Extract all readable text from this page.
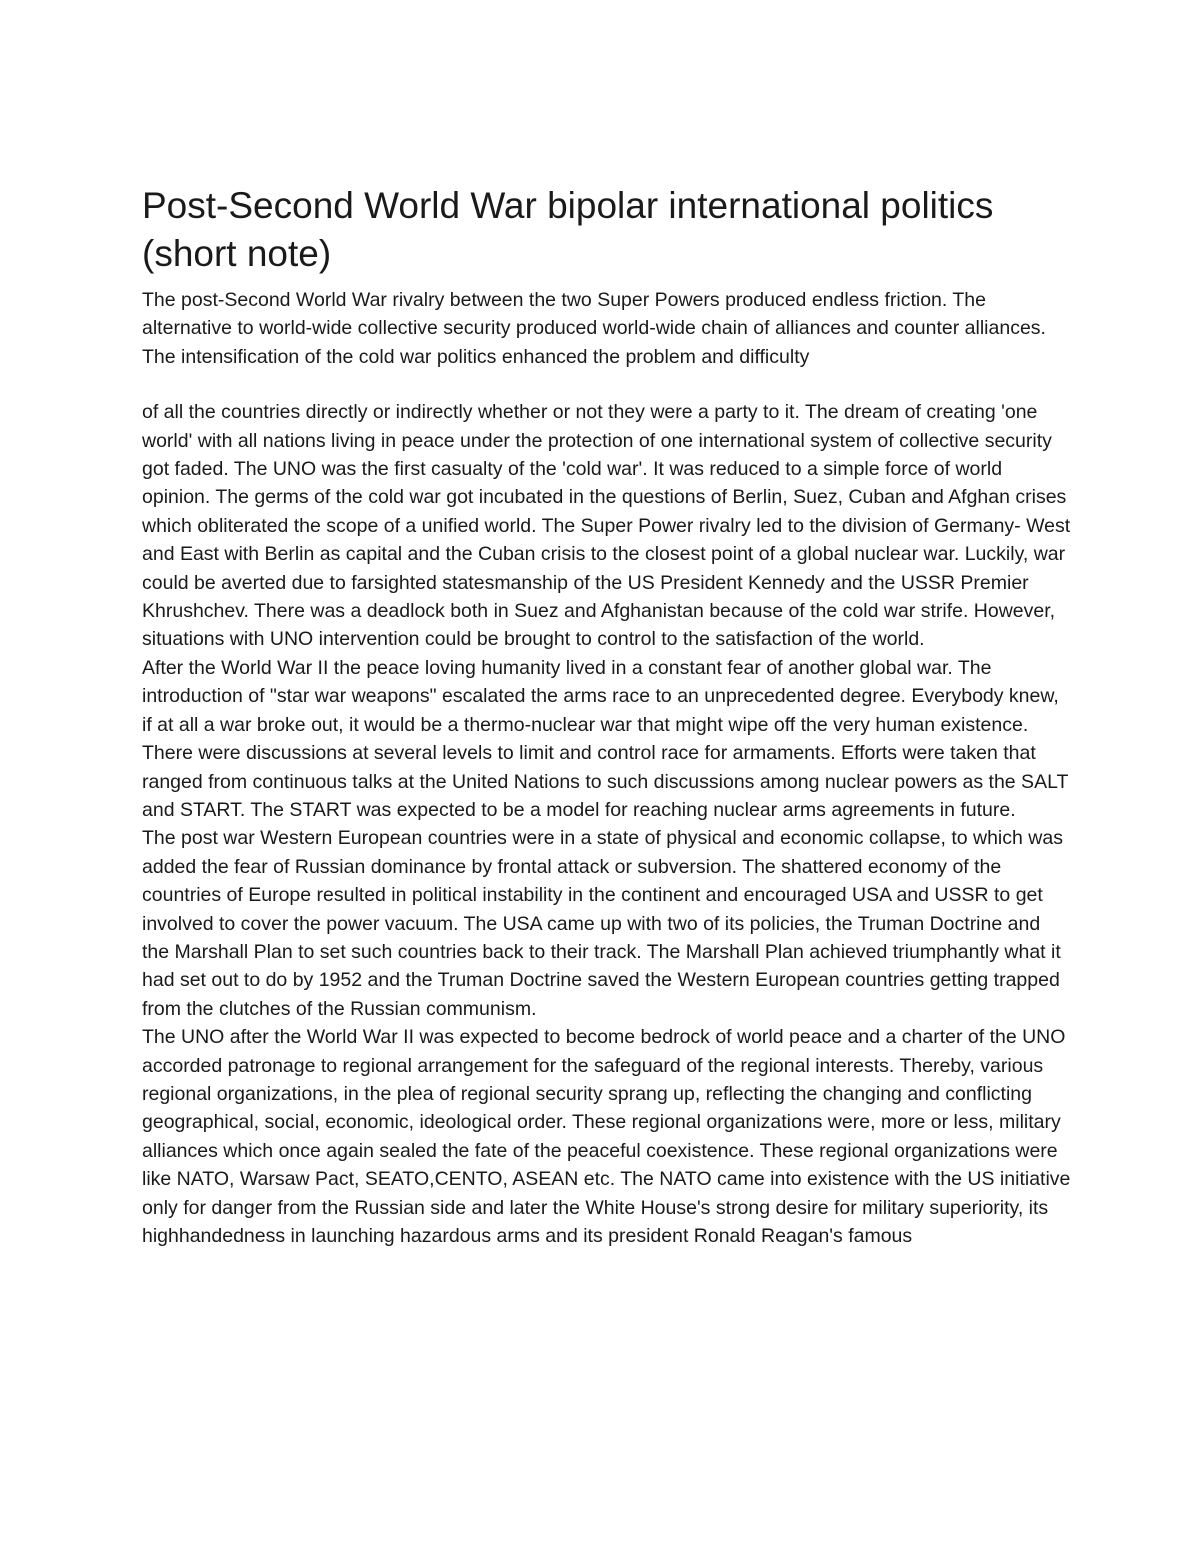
Post-Second World War bipolar international politics (short note)

The post-Second World War rivalry between the two Super Powers produced endless friction. The alternative to world-wide collective security produced world-wide chain of alliances and counter alliances. The intensification of the cold war politics enhanced the problem and difficulty

of all the countries directly or indirectly whether or not they were a party to it. The dream of creating 'one world' with all nations living in peace under the protection of one international system of collective security got faded. The UNO was the first casualty of the 'cold war'. It was reduced to a simple force of world opinion. The germs of the cold war got incubated in the questions of Berlin, Suez, Cuban and Afghan crises which obliterated the scope of a unified world. The Super Power rivalry led to the division of Germany- West and East with Berlin as capital and the Cuban crisis to the closest point of a global nuclear war. Luckily, war could be averted due to farsighted statesmanship of the US President Kennedy and the USSR Premier Khrushchev. There was a deadlock both in Suez and Afghanistan because of the cold war strife. However, situations with UNO intervention could be brought to control to the satisfaction of the world.

After the World War II the peace loving humanity lived in a constant fear of another global war. The introduction of "star war weapons" escalated the arms race to an unprecedented degree. Everybody knew, if at all a war broke out, it would be a thermo-nuclear war that might wipe off the very human existence. There were discussions at several levels to limit and control race for armaments. Efforts were taken that ranged from continuous talks at the United Nations to such discussions among nuclear powers as the SALT and START. The START was expected to be a model for reaching nuclear arms agreements in future.

The post war Western European countries were in a state of physical and economic collapse, to which was added the fear of Russian dominance by frontal attack or subversion. The shattered economy of the countries of Europe resulted in political instability in the continent and encouraged USA and USSR to get involved to cover the power vacuum. The USA came up with two of its policies, the Truman Doctrine and the Marshall Plan to set such countries back to their track. The Marshall Plan achieved triumphantly what it had set out to do by 1952 and the Truman Doctrine saved the Western European countries getting trapped from the clutches of the Russian communism.

The UNO after the World War II was expected to become bedrock of world peace and a charter of the UNO accorded patronage to regional arrangement for the safeguard of the regional interests. Thereby, various regional organizations, in the plea of regional security sprang up, reflecting the changing and conflicting geographical, social, economic, ideological order. These regional organizations were, more or less, military alliances which once again sealed the fate of the peaceful coexistence. These regional organizations were like NATO, Warsaw Pact, SEATO,CENTO, ASEAN etc. The NATO came into existence with the US initiative only for danger from the Russian side and later the White House's strong desire for military superiority, its highhandedness in launching hazardous arms and its president Ronald Reagan's famous
